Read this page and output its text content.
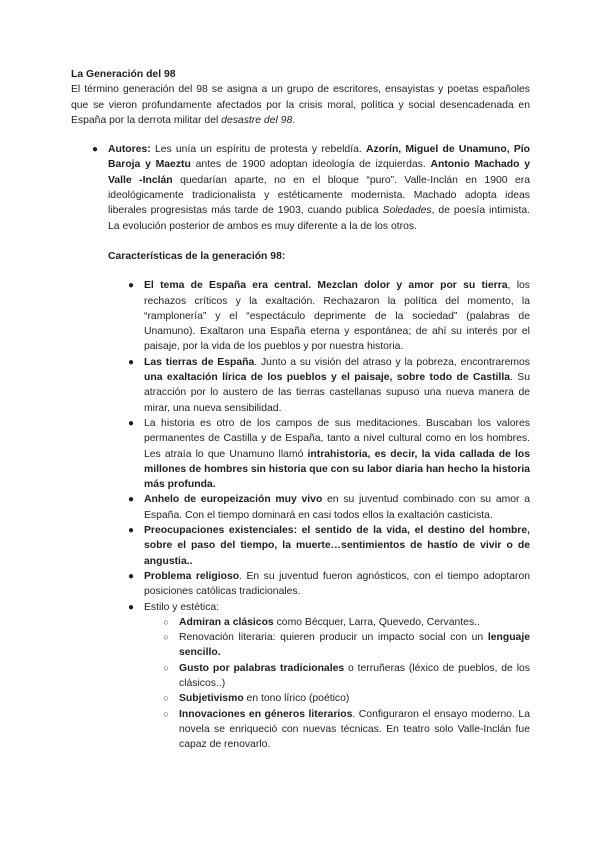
La Generación del 98

El término generación del 98 se asigna a un grupo de escritores, ensayistas y poetas españoles que se vieron profundamente afectados por la crisis moral, política y social desencadenada en España por la derrota militar del desastre del 98.

● Autores: Les unía un espíritu de protesta y rebeldía. Azorín, Miguel de Unamuno, Pío Baroja y Maeztu antes de 1900 adoptan ideología de izquierdas. Antonio Machado y Valle -Inclán quedarían aparte, no en el bloque “puro”. Valle-Inclán en 1900 era ideológicamente tradicionalista y estéticamente modernista. Machado adopta ideas liberales progresistas más tarde de 1903, cuando publica Soledades, de poesía intimista. La evolución posterior de ambos es muy diferente a la de los otros.

Características de la generación 98:

● El tema de España era central. Mezclan dolor y amor por su tierra, los rechazos críticos y la exaltación. Rechazaron la política del momento, la “ramplonería” y el “espectáculo deprimente de la sociedad” (palabras de Unamuno). Exaltaron una España eterna y espontánea; de ahí su interés por el paisaje, por la vida de los pueblos y por nuestra historia.
● Las tierras de España. Junto a su visión del atraso y la pobreza, encontraremos una exaltación lírica de los pueblos y el paisaje, sobre todo de Castilla. Su atracción por lo austero de las tierras castellanas supuso una nueva manera de mirar, una nueva sensibilidad.
● La historia es otro de los campos de sus meditaciones. Buscaban los valores permanentes de Castilla y de España, tanto a nivel cultural como en los hombres. Les atraía lo que Unamuno llamó intrahistoria, es decir, la vida callada de los millones de hombres sin historia que con su labor diaria han hecho la historia más profunda.
● Anhelo de europeización muy vivo en su juventud combinado con su amor a España. Con el tiempo dominará en casi todos ellos la exaltación casticista.
● Preocupaciones existenciales: el sentido de la vida, el destino del hombre, sobre el paso del tiempo, la muerte…sentimientos de hastío de vivir o de angustia..
● Problema religioso. En su juventud fueron agnósticos, con el tiempo adoptaron posiciones católicas tradicionales.
● Estilo y estética:
○ Admiran a clásicos como Bécquer, Larra, Quevedo, Cervantes..
○ Renovación literaria: quieren producir un impacto social con un lenguaje sencillo.
○ Gusto por palabras tradicionales o terruñeras (léxico de pueblos, de los clásicos..)
○ Subjetivismo en tono lírico (poético)
○ Innovaciones en géneros literarios. Configuraron el ensayo moderno. La novela se enriqueció con nuevas técnicas. En teatro solo Valle-Inclán fue capaz de renovarlo.
